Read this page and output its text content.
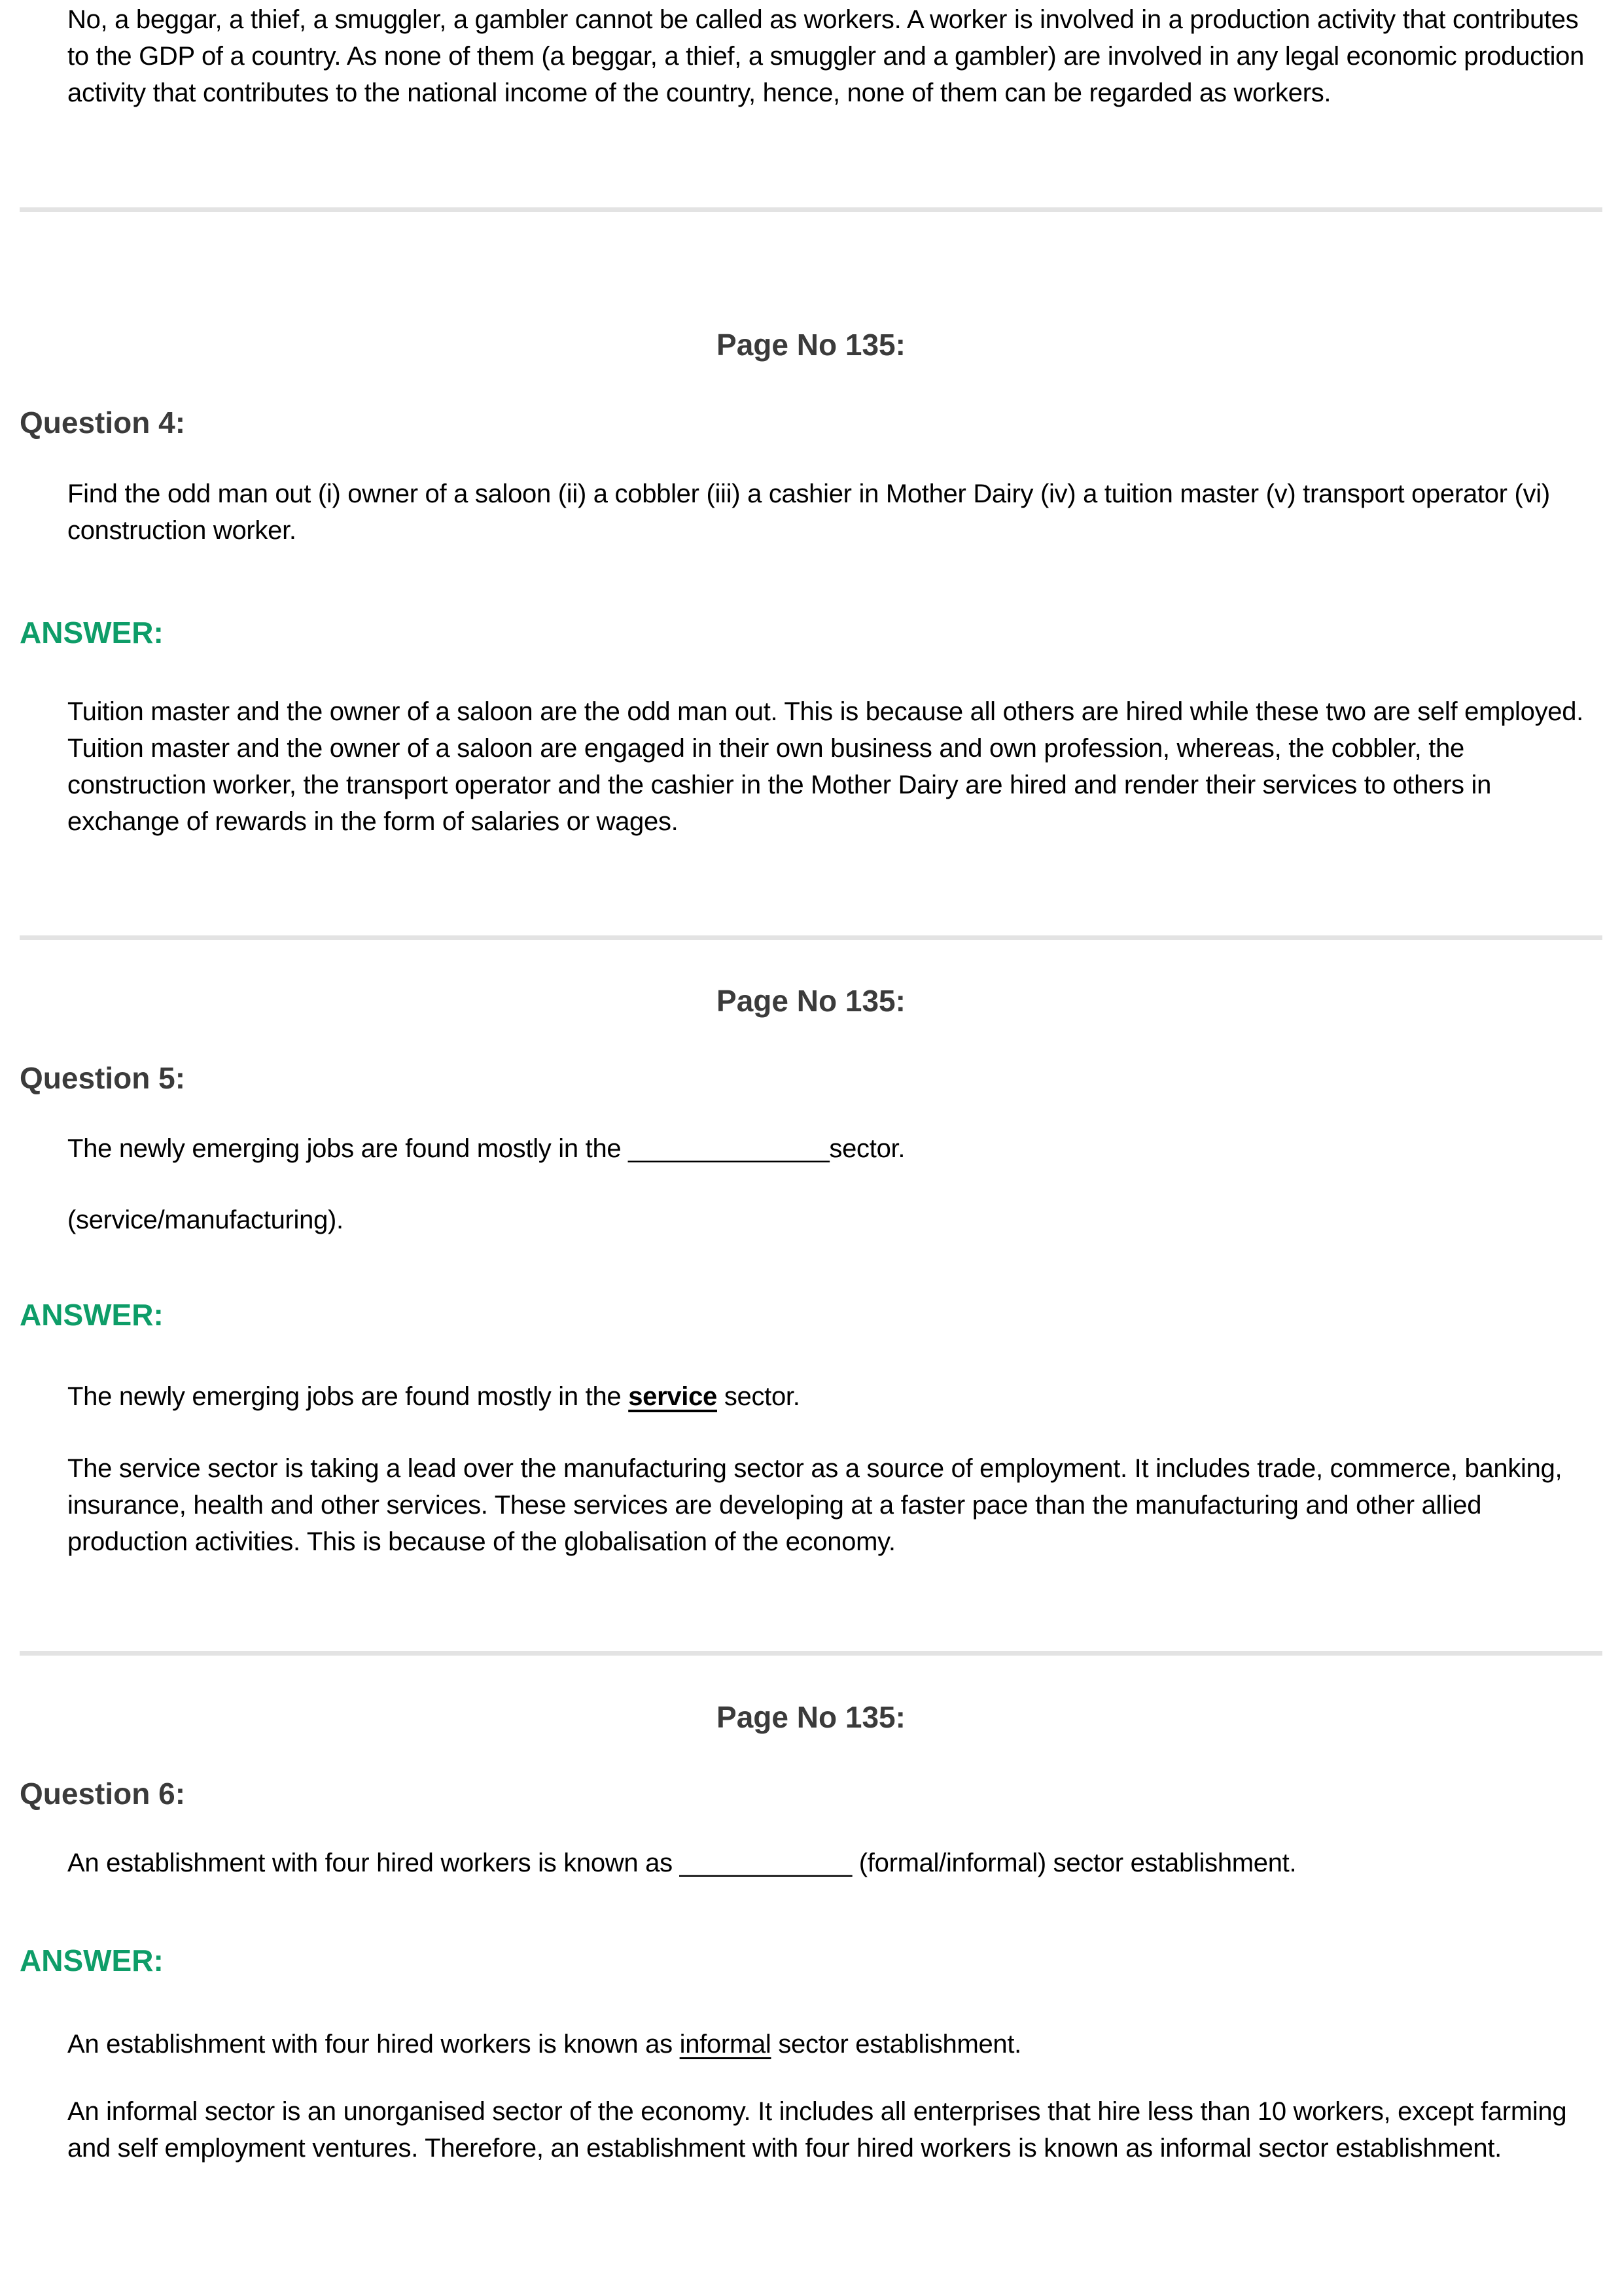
No, a beggar, a thief, a smuggler, a gambler cannot be called as workers. A worker is involved in a production activity that contributes to the GDP of a country. As none of them (a beggar, a thief, a smuggler and a gambler) are involved in any legal economic production activity that contributes to the national income of the country, hence, none of them can be regarded as workers.

Page No 135:
Question 4:

Find the odd man out (i) owner of a saloon (ii) a cobbler (iii) a cashier in Mother Dairy (iv) a tuition master (v) transport operator (vi) construction worker.

ANSWER:

Tuition master and the owner of a saloon are the odd man out. This is because all others are hired while these two are self employed. Tuition master and the owner of a saloon are engaged in their own business and own profession, whereas, the cobbler, the construction worker, the transport operator and the cashier in the Mother Dairy are hired and render their services to others in exchange of rewards in the form of salaries or wages.

Page No 135:
Question 5:

The newly emerging jobs are found mostly in the ______________sector.

(service/manufacturing).

ANSWER:

The newly emerging jobs are found mostly in the service sector.

The service sector is taking a lead over the manufacturing sector as a source of employment. It includes trade, commerce, banking, insurance, health and other services. These services are developing at a faster pace than the manufacturing and other allied production activities. This is because of the globalisation of the economy.

Page No 135:
Question 6:

An establishment with four hired workers is known as ____________ (formal/informal) sector establishment.

ANSWER:

An establishment with four hired workers is known as informal sector establishment.

An informal sector is an unorganised sector of the economy. It includes all enterprises that hire less than 10 workers, except farming and self employment ventures. Therefore, an establishment with four hired workers is known as informal sector establishment.
